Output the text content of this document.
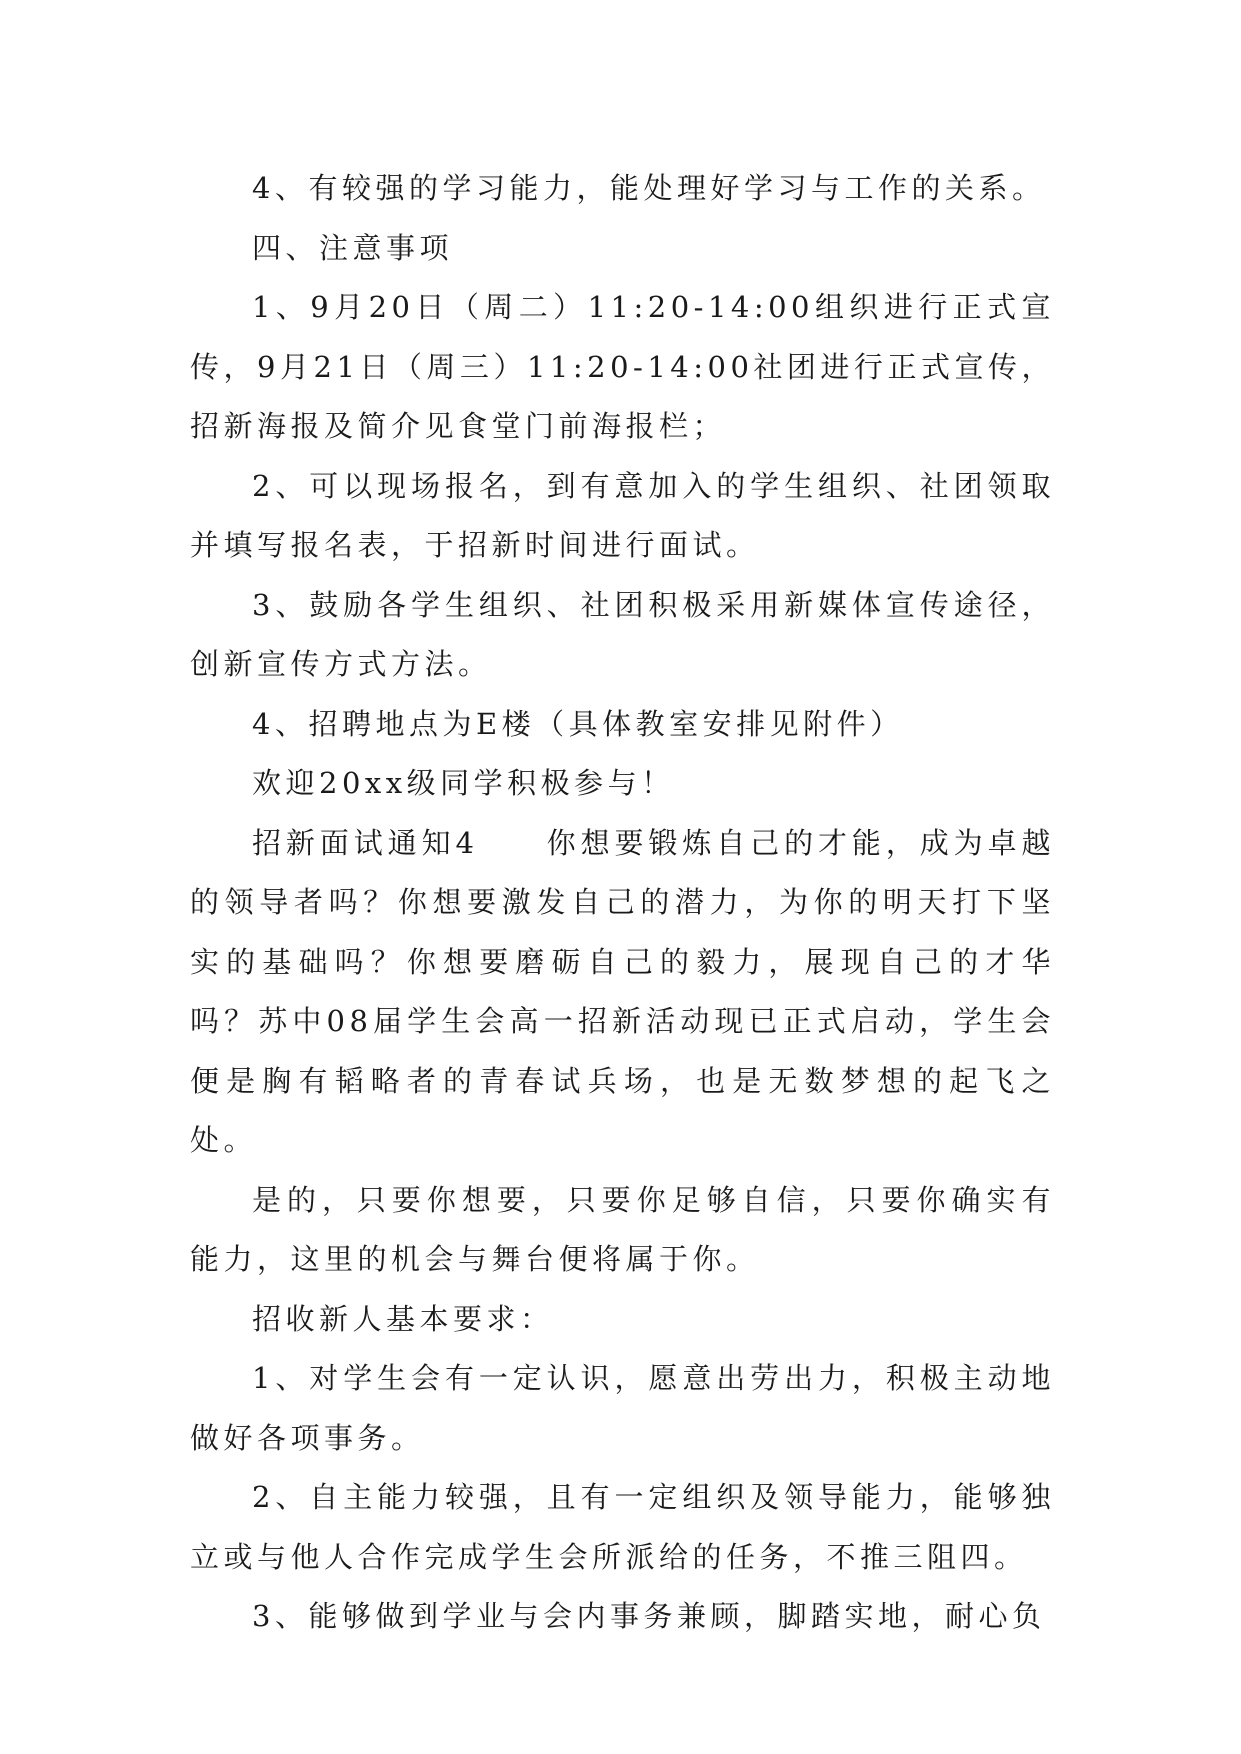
4、有较强的学习能力，能处理好学习与工作的关系。

四、注意事项

1、9月20日（周二）11:20-14:00组织进行正式宣传，9月21日（周三）11:20-14:00社团进行正式宣传，招新海报及简介见食堂门前海报栏；

2、可以现场报名，到有意加入的学生组织、社团领取并填写报名表，于招新时间进行面试。

3、鼓励各学生组织、社团积极采用新媒体宣传途径，创新宣传方式方法。

4、招聘地点为E楼（具体教室安排见附件）

欢迎20xx级同学积极参与！

招新面试通知4　　你想要锻炼自己的才能，成为卓越的领导者吗？你想要激发自己的潜力，为你的明天打下坚实的基础吗？你想要磨砺自己的毅力，展现自己的才华吗？苏中08届学生会高一招新活动现已正式启动，学生会便是胸有韬略者的青春试兵场，也是无数梦想的起飞之处。

是的，只要你想要，只要你足够自信，只要你确实有能力，这里的机会与舞台便将属于你。

招收新人基本要求：

1、对学生会有一定认识，愿意出劳出力，积极主动地做好各项事务。

2、自主能力较强，且有一定组织及领导能力，能够独立或与他人合作完成学生会所派给的任务，不推三阻四。

3、能够做到学业与会内事务兼顾，脚踏实地，耐心负
